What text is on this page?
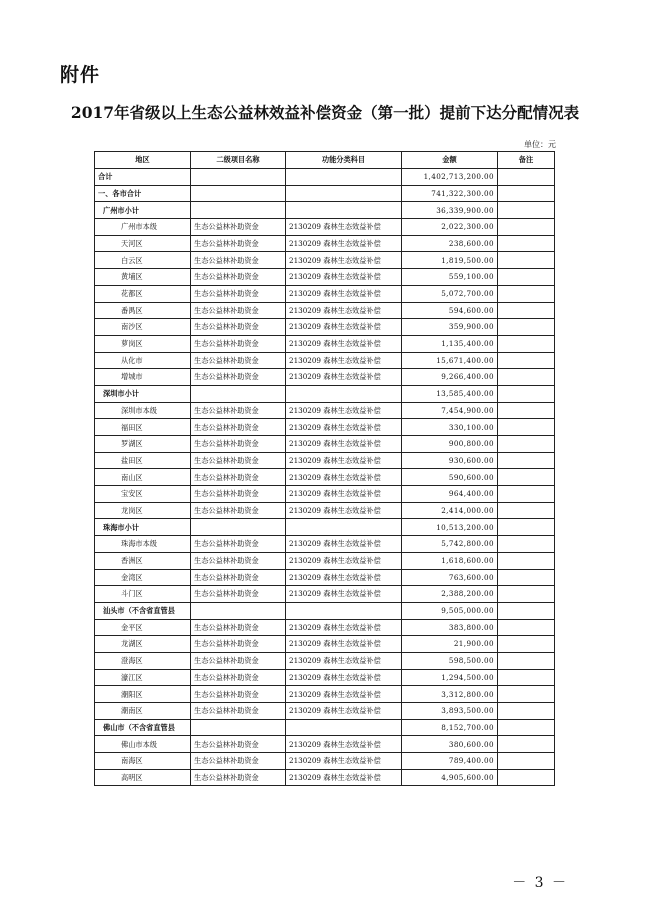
附件
2017年省级以上生态公益林效益补偿资金（第一批）提前下达分配情况表
单位：元
地区	二级项目名称	功能分类科目	金额	备注
合计			1,402,713,200.00	
一、各市合计			741,322,300.00	
广州市小计			36,339,900.00	
广州市本级	生态公益林补助资金	2130209 森林生态效益补偿	2,022,300.00	
天河区	生态公益林补助资金	2130209 森林生态效益补偿	238,600.00	
白云区	生态公益林补助资金	2130209 森林生态效益补偿	1,819,500.00	
黄埔区	生态公益林补助资金	2130209 森林生态效益补偿	559,100.00	
花都区	生态公益林补助资金	2130209 森林生态效益补偿	5,072,700.00	
番禺区	生态公益林补助资金	2130209 森林生态效益补偿	594,600.00	
南沙区	生态公益林补助资金	2130209 森林生态效益补偿	359,900.00	
萝岗区	生态公益林补助资金	2130209 森林生态效益补偿	1,135,400.00	
从化市	生态公益林补助资金	2130209 森林生态效益补偿	15,671,400.00	
增城市	生态公益林补助资金	2130209 森林生态效益补偿	9,266,400.00	
深圳市小计			13,585,400.00	
深圳市本级	生态公益林补助资金	2130209 森林生态效益补偿	7,454,900.00	
福田区	生态公益林补助资金	2130209 森林生态效益补偿	330,100.00	
罗湖区	生态公益林补助资金	2130209 森林生态效益补偿	900,800.00	
盐田区	生态公益林补助资金	2130209 森林生态效益补偿	930,600.00	
南山区	生态公益林补助资金	2130209 森林生态效益补偿	590,600.00	
宝安区	生态公益林补助资金	2130209 森林生态效益补偿	964,400.00	
龙岗区	生态公益林补助资金	2130209 森林生态效益补偿	2,414,000.00	
珠海市小计			10,513,200.00	
珠海市本级	生态公益林补助资金	2130209 森林生态效益补偿	5,742,800.00	
香洲区	生态公益林补助资金	2130209 森林生态效益补偿	1,618,600.00	
金湾区	生态公益林补助资金	2130209 森林生态效益补偿	763,600.00	
斗门区	生态公益林补助资金	2130209 森林生态效益补偿	2,388,200.00	
汕头市（不含省直管县			9,505,000.00	
金平区	生态公益林补助资金	2130209 森林生态效益补偿	383,800.00	
龙湖区	生态公益林补助资金	2130209 森林生态效益补偿	21,900.00	
澄海区	生态公益林补助资金	2130209 森林生态效益补偿	598,500.00	
濠江区	生态公益林补助资金	2130209 森林生态效益补偿	1,294,500.00	
潮阳区	生态公益林补助资金	2130209 森林生态效益补偿	3,312,800.00	
潮南区	生态公益林补助资金	2130209 森林生态效益补偿	3,893,500.00	
佛山市（不含省直管县			8,152,700.00	
佛山市本级	生态公益林补助资金	2130209 森林生态效益补偿	380,600.00	
南海区	生态公益林补助资金	2130209 森林生态效益补偿	789,400.00	
高明区	生态公益林补助资金	2130209 森林生态效益补偿	4,905,600.00	
－ 3 －
